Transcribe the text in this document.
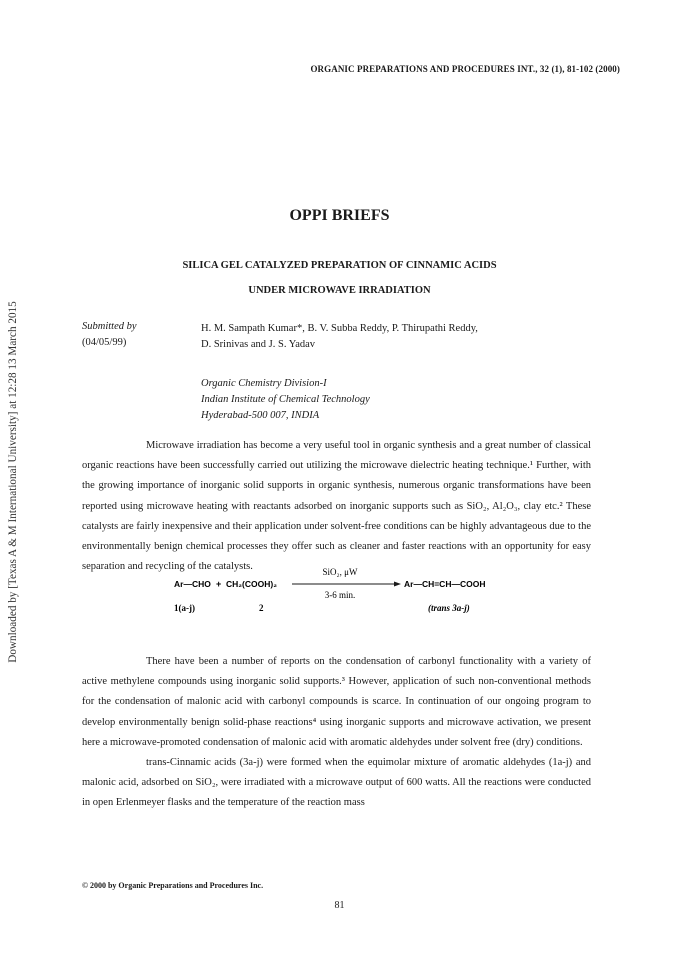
Downloaded by [Texas A & M International University] at 12:28 13 March 2015
ORGANIC PREPARATIONS AND PROCEDURES INT., 32 (1), 81-102 (2000)
OPPI BRIEFS
SILICA GEL CATALYZED PREPARATION OF CINNAMIC ACIDS
UNDER MICROWAVE IRRADIATION
Submitted by
(04/05/99)
H. M. Sampath Kumar*, B. V. Subba Reddy, P. Thirupathi Reddy,
D. Srinivas and J. S. Yadav
Organic Chemistry Division-I
Indian Institute of Chemical Technology
Hyderabad-500 007, INDIA

Microwave irradiation has become a very useful tool in organic synthesis and a great number of classical organic reactions have been successfully carried out utilizing the microwave dielectric heating technique.¹ Further, with the growing importance of inorganic solid supports in organic synthesis, numerous organic transformations have been reported using microwave heating with reactants adsorbed on inorganic supports such as SiO₂, Al₂O₃, clay etc.² These catalysts are fairly inexpensive and their application under solvent-free conditions can be highly advantageous due to the environmentally benign chemical processes they offer such as cleaner and faster reactions with an opportunity for easy separation and recycling of the catalysts.

Ar—CHO + CH₂(COOH)₂
SiO₂, μW
3-6 min.
Ar—CH=CH—COOH
1(a-j)	2	(trans 3a-j)

There have been a number of reports on the condensation of carbonyl functionality with a variety of active methylene compounds using inorganic solid supports.³ However, application of such non-conventional methods for the condensation of malonic acid with carbonyl compounds is scarce. In continuation of our ongoing program to develop environmentally benign solid-phase reactions⁴ using inorganic supports and microwave activation, we present here a microwave-promoted condensation of malonic acid with aromatic aldehydes under solvent free (dry) conditions.

trans-Cinnamic acids (3a-j) were formed when the equimolar mixture of aromatic aldehydes (1a-j) and malonic acid, adsorbed on SiO₂, were irradiated with a microwave output of 600 watts. All the reactions were conducted in open Erlenmeyer flasks and the temperature of the reaction mass

© 2000 by Organic Preparations and Procedures Inc.
81
